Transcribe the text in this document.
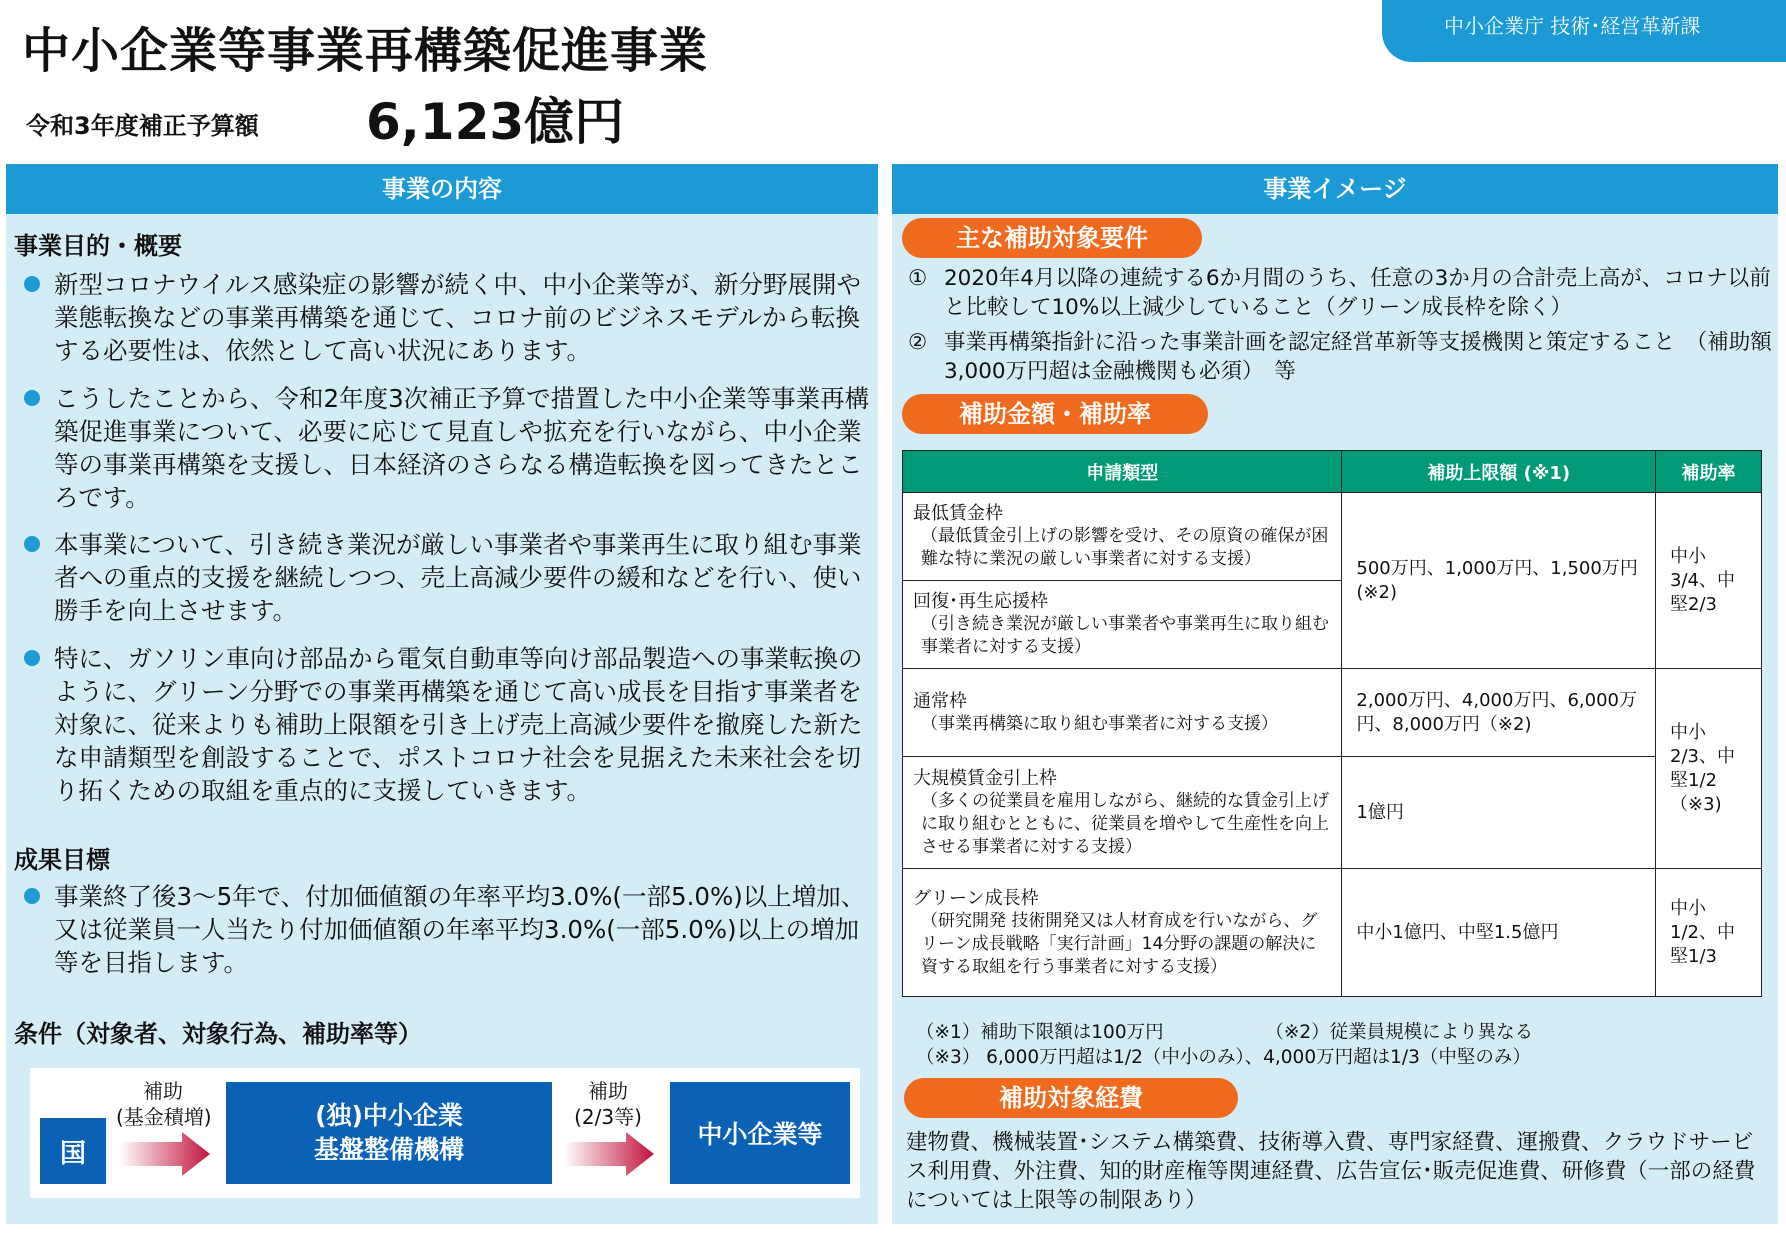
中小企業等事業再構築促進事業
令和3年度補正予算額 6,123億円
中小企業庁 技術･経営革新課
事業の内容
事業目的・概要
新型コロナウイルス感染症の影響が続く中、中小企業等が、新分野展開や業態転換などの事業再構築を通じて、コロナ前のビジネスモデルから転換する必要性は、依然として高い状況にあります。
こうしたことから、令和2年度3次補正予算で措置した中小企業等事業再構築促進事業について、必要に応じて見直しや拡充を行いながら、中小企業等の事業再構築を支援し、日本経済のさらなる構造転換を図ってきたところです。
本事業について、引き続き業況が厳しい事業者や事業再生に取り組む事業者への重点的支援を継続しつつ、売上高減少要件の緩和などを行い、使い勝手を向上させます。
特に、ガソリン車向け部品から電気自動車等向け部品製造への事業転換のように、グリーン分野での事業再構築を通じて高い成長を目指す事業者を対象に、従来よりも補助上限額を引き上げ売上高減少要件を撤廃した新たな申請類型を創設することで、ポストコロナ社会を見据えた未来社会を切り拓くための取組を重点的に支援していきます。
成果目標
事業終了後3～5年で、付加価値額の年率平均3.0%(一部5.0%)以上増加、又は従業員一人当たり付加価値額の年率平均3.0%(一部5.0%)以上の増加等を目指します。
条件（対象者、対象行為、補助率等）
国
補助
(基金積増)	(独)中小企業
基盤整備機構
補助
(2/3等)
中小企業等
事業イメージ
主な補助対象要件
① 2020年4月以降の連続する6か月間のうち、任意の3か月の合計売上高が、コロナ以前と比較して10%以上減少していること（グリーン成長枠を除く）
② 事業再構築指針に沿った事業計画を認定経営革新等支援機関と策定すること　（補助額3,000万円超は金融機関も必須）　等
補助金額・補助率
申請類型	補助上限額 (※1)	補助率
最低賃金枠
（最低賃金引上げの影響を受け、その原資の確保が困難な特に業況の厳しい事業者に対する支援）	500万円、1,000万円、1,500万円 (※2)	中小3/4、中堅2/3
回復･再生応援枠
（引き続き業況が厳しい事業者や事業再生に取り組む事業者に対する支援）		

通常枠
（事業再構築に取り組む事業者に対する支援）	2,000万円、4,000万円、6,000万円、8,000万円（※2)	中小2/3、中堅1/2（※3)
大規模賃金引上枠
（多くの従業員を雇用しながら、継続的な賃金引上げに取り組むとともに、従業員を増やして生産性を向上させる事業者に対する支援）	1億円	
グリーン成長枠
（研究開発 技術開発又は人材育成を行いながら、グリーン成長戦略「実行計画」14分野の課題の解決に資する取組を行う事業者に対する支援）	中小1億円、中堅1.5億円	中小1/2、中堅1/3
（※1）補助下限額は100万円	（※2）従業員規模により異なる
（※3） 6,000万円超は1/2（中小のみ）、4,000万円超は1/3（中堅のみ）
補助対象経費
建物費、機械装置･システム構築費、技術導入費、専門家経費、運搬費、クラウドサービス利用費、外注費、知的財産権等関連経費、広告宣伝･販売促進費、研修費（一部の経費については上限等の制限あり）
